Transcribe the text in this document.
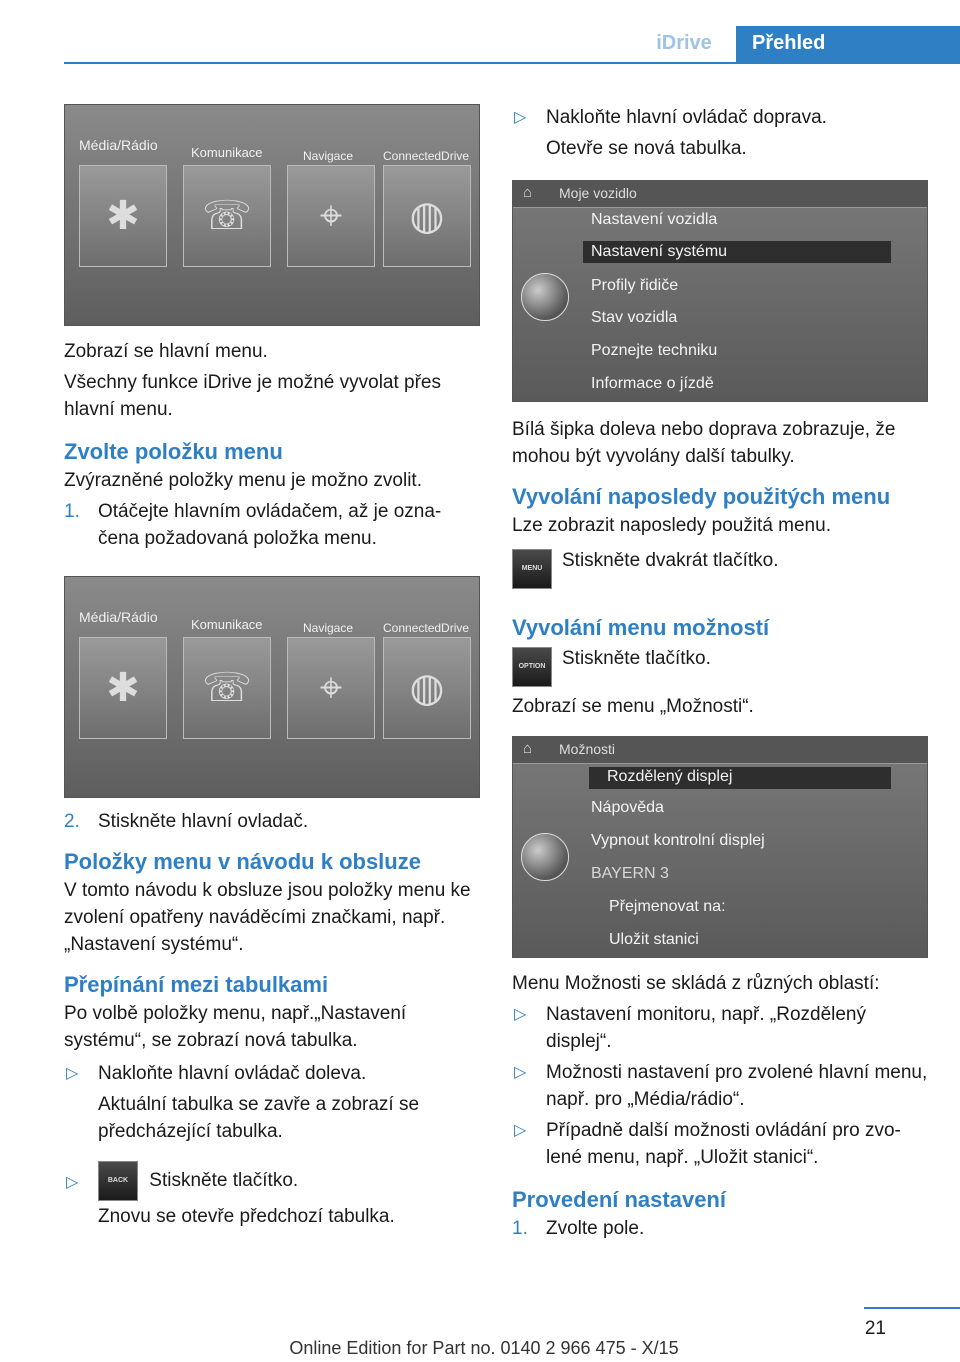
iDrive	Přehled
Média/Rádio	Komunikace	Navigace ConnectedDrive
✱	☏	⌖	◍

Zobrazí se hlavní menu.

Všechny funkce iDrive je možné vyvolat přes hlavní menu.

Zvolte položku menu

Zvýrazněné položky menu je možno zvolit.

1. Otáčejte hlavním ovládačem, až je ozna‐čena požadovaná položka menu.
Média/Rádio	Komunikace	Navigace ConnectedDrive
✱	☏	⌖	◍
2. Stiskněte hlavní ovladač.
Položky menu v návodu k obsluze

V tomto návodu k obsluze jsou položky menu ke zvolení opatřeny naváděcími značkami, např. „Nastavení systému“.

Přepínání mezi tabulkami

Po volbě položky menu, např.„Nastavení systému“, se zobrazí nová tabulka.

▷ Nakloňte hlavní ovládač doleva.
Aktuální tabulka se zavře a zobrazí se předcházející tabulka.
▷	BACK Stiskněte tlačítko.
Znovu se otevře předchozí tabulka.
▷ Nakloňte hlavní ovládač doprava.
Otevře se nová tabulka.
⌂ Moje vozidlo
Nastavení vozidla
Nastavení systému
Profily řidiče
Stav vozidla
Poznejte techniku
Informace o jízdě

Bílá šipka doleva nebo doprava zobrazuje, že mohou být vyvolány další tabulky.

Vyvolání naposledy použitých menu

Lze zobrazit naposledy použitá menu.

MENU	Stiskněte dvakrát tlačítko.

Vyvolání menu možností
OPTION Stiskněte tlačítko.

Zobrazí se menu „Možnosti“.

⌂ Možnosti
Rozdělený displej
Nápověda
Vypnout kontrolní displej
BAYERN 3
Přejmenovat na:
Uložit stanici

Menu Možnosti se skládá z různých oblastí:

▷ Nastavení monitoru, např. „Rozdělený displej“.
▷ Možnosti nastavení pro zvolené hlavní menu, např. pro „Média/rádio“.
▷ Případně další možnosti ovládání pro zvo‐lené menu, např. „Uložit stanici“.
Provedení nastavení
1. Zvolte pole.
21
Online Edition for Part no. 0140 2 966 475 - X/15
